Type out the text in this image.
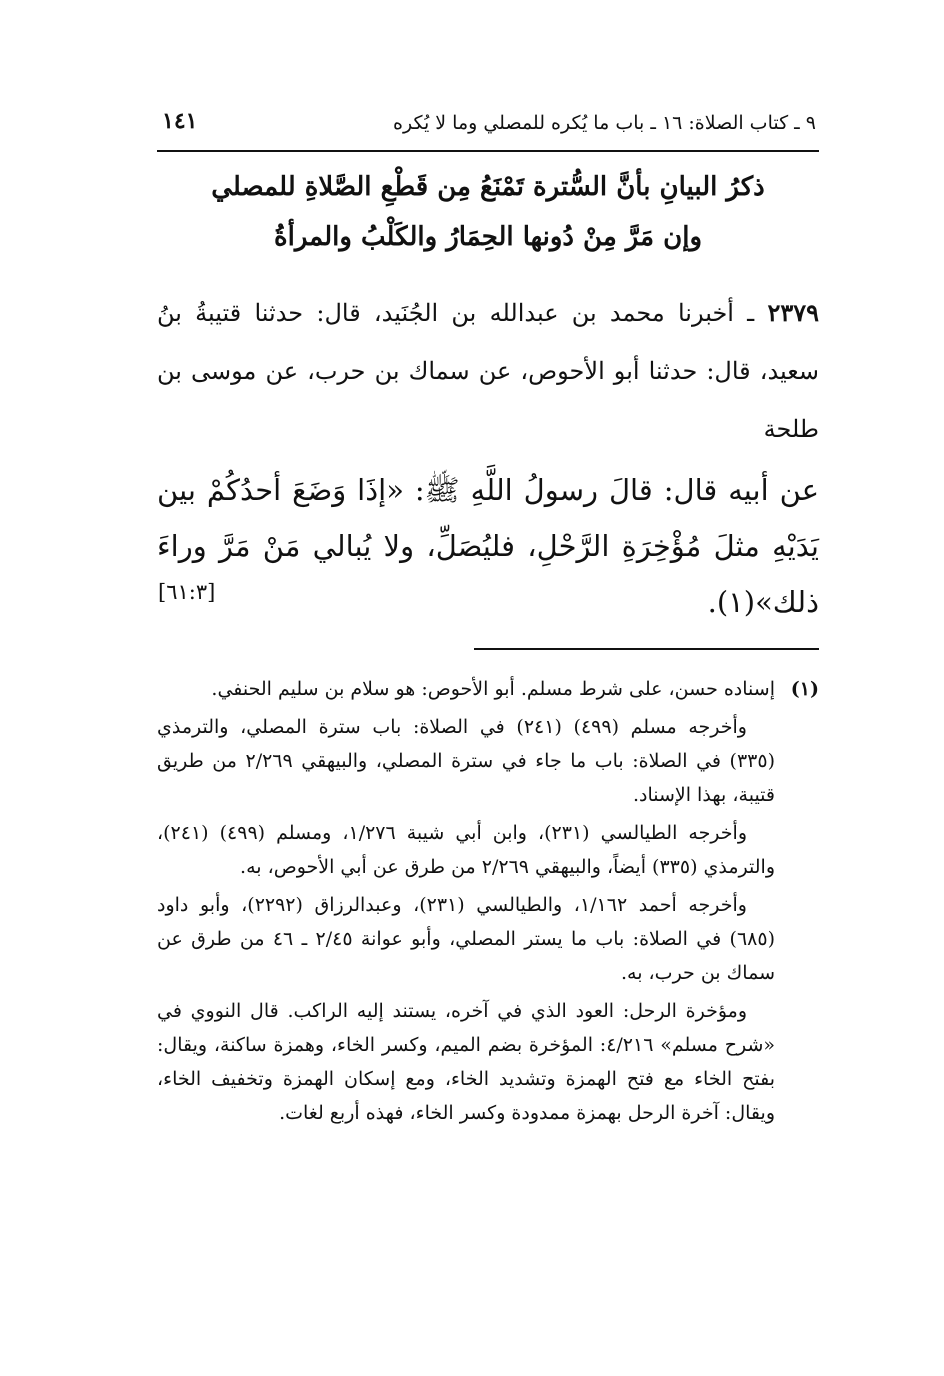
٩ ـ كتاب الصلاة: ١٦ ـ باب ما يُكره للمصلي وما لا يُكره
١٤١
ذكرُ البيانِ بأنَّ السُّترة تَمْنَعُ مِن قَطْعِ الصَّلاةِ للمصلي
وإن مَرَّ مِنْ دُونها الحِمَارُ والكَلْبُ والمرأةُ
٢٣٧٩ ـ أخبرنا محمد بن عبدالله بن الجُنَيد، قال: حدثنا قتيبةُ بنُ سعيد، قال: حدثنا أبو الأحوص، عن سماك بن حرب، عن موسى بن طلحة
عن أبيه قال: قالَ رسولُ اللَّهِ ﷺ: «إذَا وَضَعَ أحدُكُمْ بين يَدَيْهِ مثلَ مُؤْخِرَةِ الرَّحْلِ، فليُصَلِّ، ولا يُبالي مَنْ مَرَّ وراءَ ذلك»(١).
[٦١:٣]
(١)

إسناده حسن، على شرط مسلم. أبو الأحوص: هو سلام بن سليم الحنفي.

وأخرجه مسلم (٤٩٩) (٢٤١) في الصلاة: باب سترة المصلي، والترمذي (٣٣٥) في الصلاة: باب ما جاء في سترة المصلي، والبيهقي ٢/٢٦٩ من طريق قتيبة، بهذا الإسناد.

وأخرجه الطيالسي (٢٣١)، وابن أبي شيبة ١/٢٧٦، ومسلم (٤٩٩) (٢٤١)، والترمذي (٣٣٥) أيضاً، والبيهقي ٢/٢٦٩ من طرق عن أبي الأحوص، به.

وأخرجه أحمد ١/١٦٢، والطيالسي (٢٣١)، وعبدالرزاق (٢٢٩٢)، وأبو داود (٦٨٥) في الصلاة: باب ما يستر المصلي، وأبو عوانة ٢/٤٥ ـ ٤٦ من طرق عن سماك بن حرب، به.

ومؤخرة الرحل: العود الذي في آخره، يستند إليه الراكب. قال النووي في «شرح مسلم» ٤/٢١٦: المؤخرة بضم الميم، وكسر الخاء، وهمزة ساكنة، ويقال: بفتح الخاء مع فتح الهمزة وتشديد الخاء، ومع إسكان الهمزة وتخفيف الخاء، ويقال: آخرة الرحل بهمزة ممدودة وكسر الخاء، فهذه أربع لغات.
